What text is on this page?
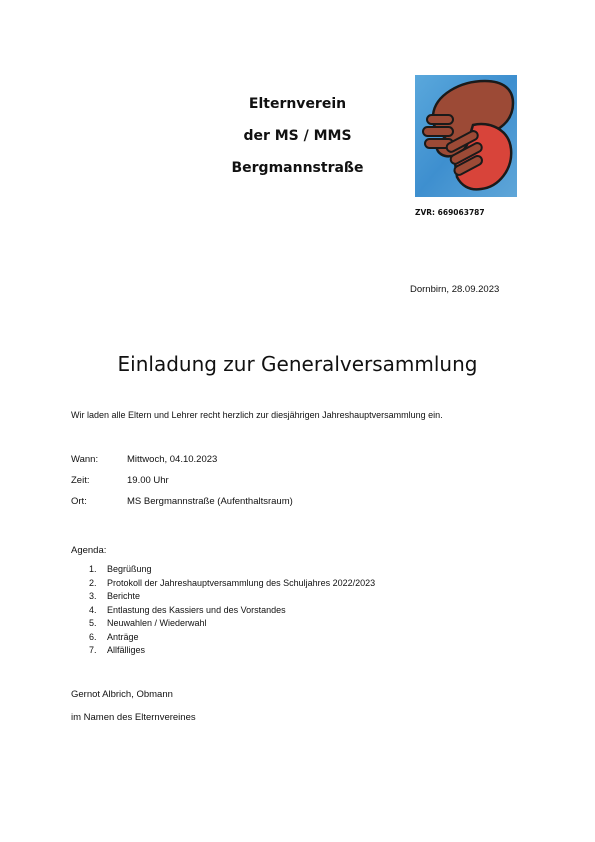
Elternverein
der MS / MMS
Bergmannstraße
ZVR: 669063787
Dornbirn, 28.09.2023
Einladung zur Generalversammlung
Wir laden alle Eltern und Lehrer recht herzlich zur diesjährigen Jahreshauptversammlung ein.
Wann:	Mittwoch, 04.10.2023
Zeit:	19.00 Uhr
Ort:	MS Bergmannstraße (Aufenthaltsraum)
Agenda:
1. Begrüßung
2. Protokoll der Jahreshauptversammlung des Schuljahres 2022/2023
3. Berichte
4. Entlastung des Kassiers und des Vorstandes
5. Neuwahlen / Wiederwahl
6. Anträge
7. Allfälliges
Gernot Albrich, Obmann
im Namen des Elternvereines
